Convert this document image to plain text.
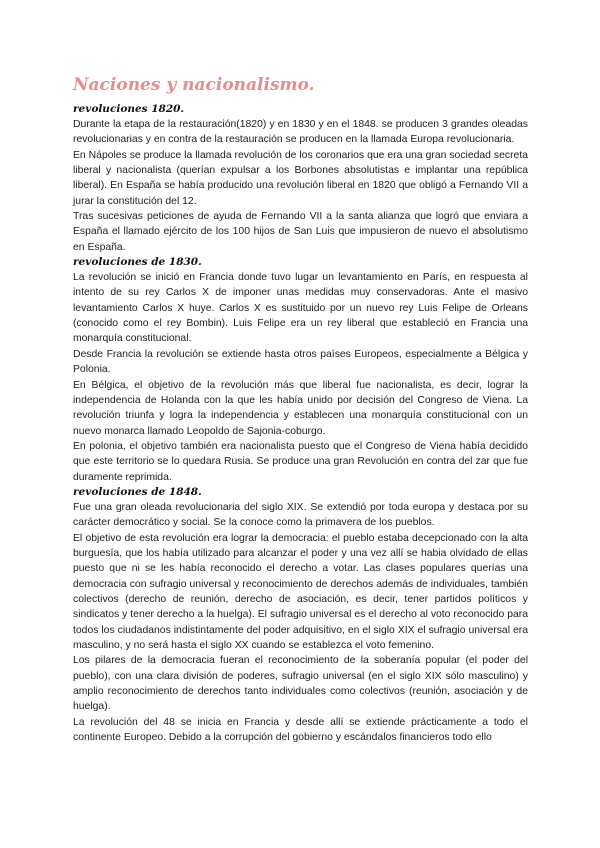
Naciones y nacionalismo.
revoluciones 1820.

Durante la etapa de la restauración(1820) y en 1830 y en el 1848. se producen 3 grandes oleadas revolucionarias y en contra de la restauración se producen en la llamada Europa revolucionaria.

En Nápoles se produce la llamada revolución de los coronarios que era una gran sociedad secreta liberal y nacionalista (querían expulsar a los Borbones absolutistas e implantar una república liberal). En España se había producido una revolución liberal en 1820 que obligó a Fernando VII a jurar la constitución del 12.

Tras sucesivas peticiones de ayuda de Fernando VII a la santa alianza que logró que enviara a España el llamado ejército de los 100 hijos de San Luis que impusieron de nuevo el absolutismo en España.

revoluciones de 1830.

La revolución se inició en Francia donde tuvo lugar un levantamiento en París, en respuesta al intento de su rey Carlos X de imponer unas medidas muy conservadoras. Ante el masivo levantamiento Carlos X huye. Carlos X es sustituido por un nuevo rey Luis Felipe de Orleans (conocido como el rey Bombin). Luis Felipe era un rey liberal que estableció en Francia una monarquía constitucional.

Desde Francia la revolución se extiende hasta otros países Europeos, especialmente a Bélgica y Polonia.

En Bélgica, el objetivo de la revolución más que liberal fue nacionalista, es decir, lograr la independencia de Holanda con la que les había unido por decisión del Congreso de Viena. La revolución triunfa y logra la independencia y establecen una monarquía constitucional con un nuevo monarca llamado Leopoldo de Sajonia-coburgo.

En polonia, el objetivo también era nacionalista puesto que el Congreso de Viena había decidido que este territorio se lo quedara Rusia. Se produce una gran Revolución en contra del zar que fue duramente reprimida.

revoluciones de 1848.

Fue una gran oleada revolucionaria del siglo XIX. Se extendió por toda europa y destaca por su carácter democrático y social. Se la conoce como la primavera de los pueblos.

El objetivo de esta revolución era lograr la democracia: el pueblo estaba decepcionado con la alta burguesía, que los había utilizado para alcanzar el poder y una vez allí se habia olvidado de ellas puesto que ni se les había reconocido el derecho a votar. Las clases populares querías una democracia con sufragio universal y reconocimiento de derechos además de individuales, también colectivos (derecho de reunión, derecho de asociación, es decir, tener partidos políticos y sindicatos y tener derecho a la huelga). El sufragio universal es el derecho al voto reconocido para todos los ciudadanos indistintamente del poder adquisitivo, en el siglo XIX el sufragio universal era masculino, y no será hasta el siglo XX cuando se establezca el voto femenino.

Los pilares de la democracia fueran el reconocimiento de la soberanía popular (el poder del pueblo), con una clara división de poderes, sufragio universal (en el siglo XIX sólo masculino) y amplio reconocimiento de derechos tanto individuales como colectivos (reunión, asociación y de huelga).

La revolución del 48 se inicia en Francia y desde allí se extiende prácticamente a todo el continente Europeo. Debido a la corrupción del gobierno y escándalos financieros todo ello
